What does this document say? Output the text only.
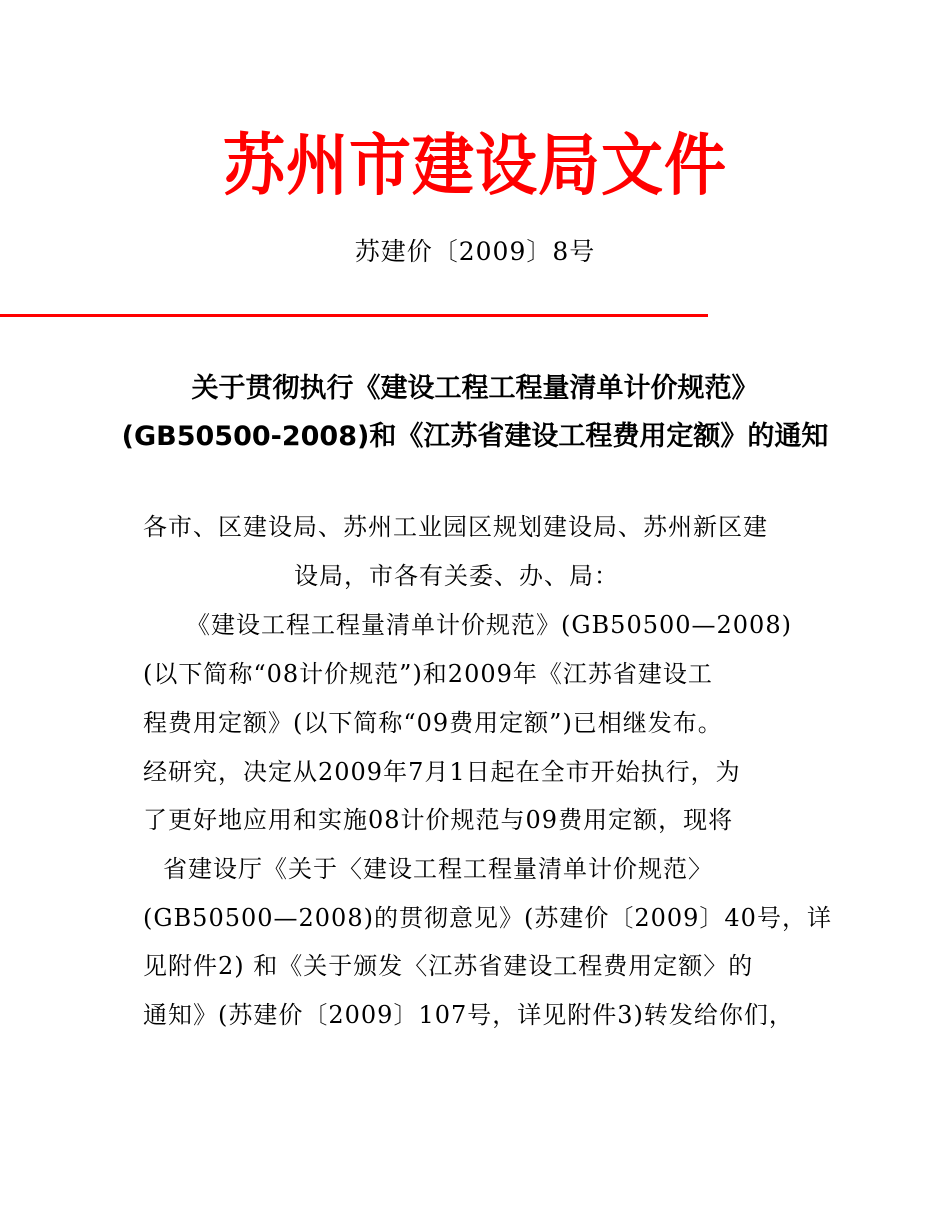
苏州市建设局文件
苏建价〔2009〕8号
关于贯彻执行《建设工程工程量清单计价规范》
(GB50500-2008)和《江苏省建设工程费用定额》的通知
各市、区建设局、苏州工业园区规划建设局、苏州新区建
设局，市各有关委、办、局：
《建设工程工程量清单计价规范》(GB50500—2008)
(以下简称“08计价规范”)和2009年《江苏省建设工
程费用定额》(以下简称“09费用定额”)已相继发布。
经研究，决定从2009年7月1日起在全市开始执行，为
了更好地应用和实施08计价规范与09费用定额，现将
省建设厅《关于〈建设工程工程量清单计价规范〉
(GB50500—2008)的贯彻意见》(苏建价〔2009〕40号，详
见附件2) 和《关于颁发〈江苏省建设工程费用定额〉的
通知》(苏建价〔2009〕107号，详见附件3)转发给你们，
